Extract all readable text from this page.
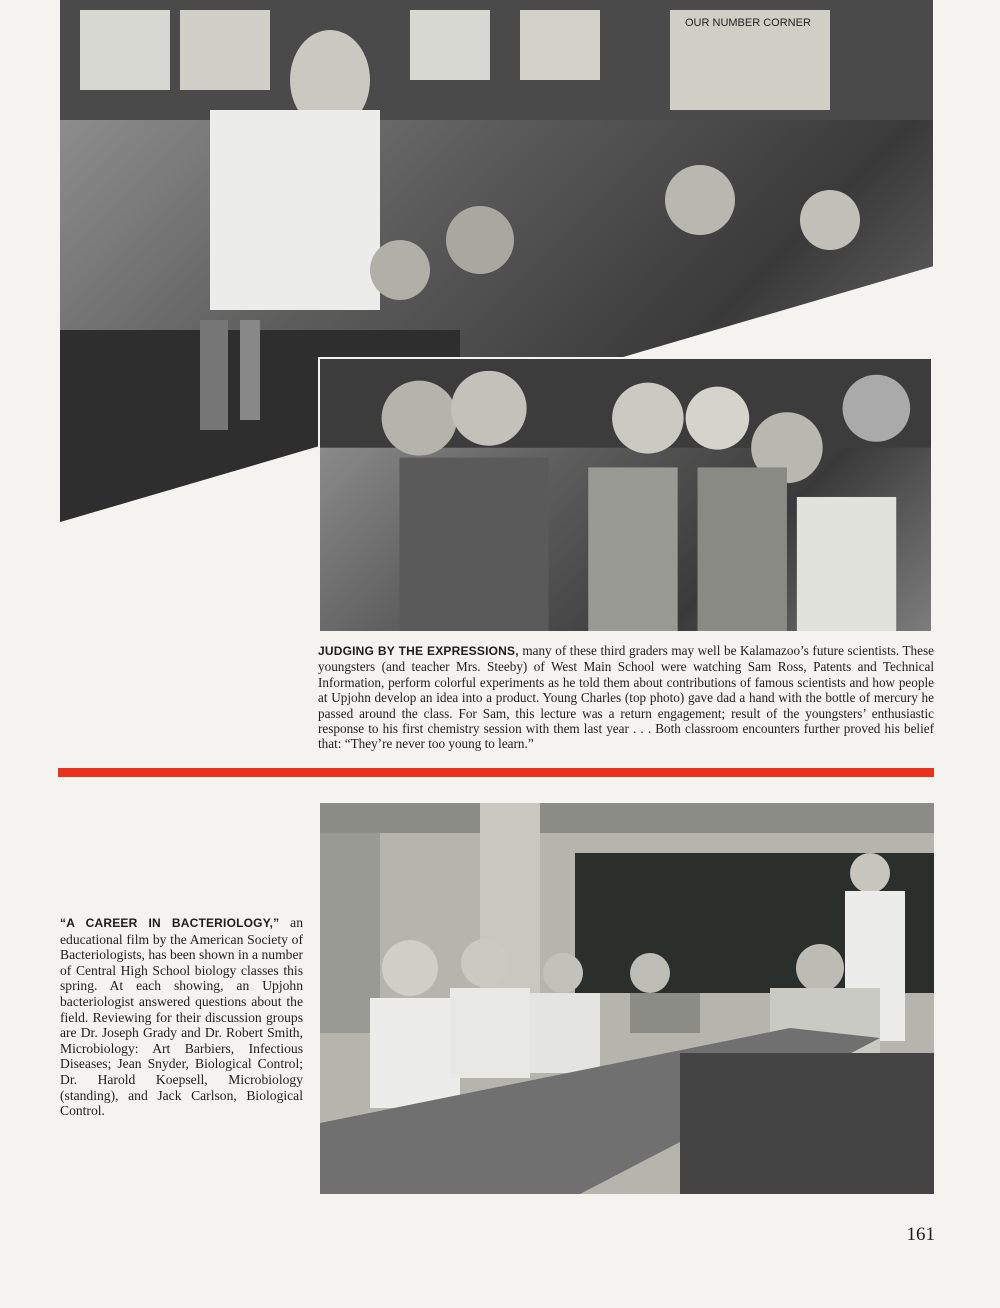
OUR NUMBER CORNER

JUDGING BY THE EXPRESSIONS, many of these third graders may well be Kalamazoo’s future scientists. These youngsters (and teacher Mrs. Steeby) of West Main School were watching Sam Ross, Patents and Technical Information, perform colorful experiments as he told them about contributions of famous scientists and how people at Upjohn develop an idea into a product. Young Charles (top photo) gave dad a hand with the bottle of mercury he passed around the class. For Sam, this lecture was a return engagement; result of the youngsters’ enthusiastic response to his first chemistry session with them last year . . . Both classroom encounters further proved his belief that: “They’re never too young to learn.”

“A CAREER IN BACTERIOLOGY,” an educational film by the American Society of Bacteriologists, has been shown in a number of Central High School biology classes this spring. At each showing, an Upjohn bacteriologist answered questions about the field. Reviewing for their discussion groups are Dr. Joseph Grady and Dr. Robert Smith, Microbiology: Art Barbiers, Infectious Diseases; Jean Snyder, Biological Control; Dr. Harold Koepsell, Microbiology (standing), and Jack Carlson, Biological Control.

161
